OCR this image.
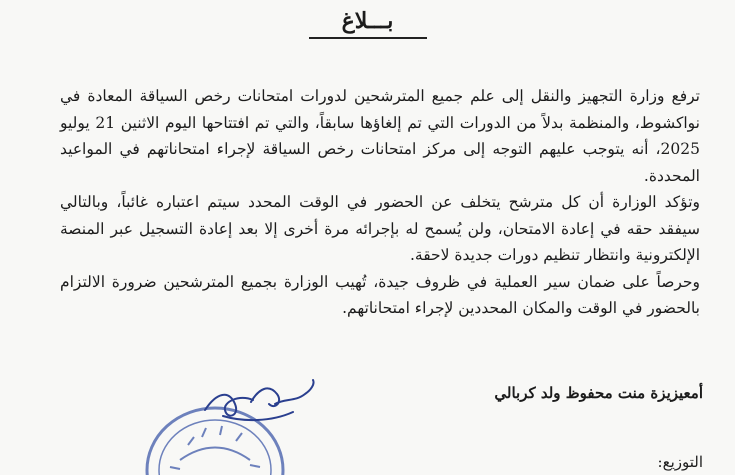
بـــلاغ

ترفع وزارة التجهيز والنقل إلى علم جميع المترشحين لدورات امتحانات رخص السياقة المعادة في نواكشوط، والمنظمة بدلاً من الدورات التي تم إلغاؤها سابقاً، والتي تم افتتاحها اليوم الاثنين 21 يوليو 2025، أنه يتوجب عليهم التوجه إلى مركز امتحانات رخص السياقة لإجراء امتحاناتهم في المواعيد المحددة.

وتؤكد الوزارة أن كل مترشح يتخلف عن الحضور في الوقت المحدد سيتم اعتباره غائباً، وبالتالي سيفقد حقه في إعادة الامتحان، ولن يُسمح له بإجرائه مرة أخرى إلا بعد إعادة التسجيل عبر المنصة الإلكترونية وانتظار تنظيم دورات جديدة لاحقة.

وحرصاً على ضمان سير العملية في ظروف جيدة، تُهيب الوزارة بجميع المترشحين ضرورة الالتزام بالحضور في الوقت والمكان المحددين لإجراء امتحاناتهم.

أمعيزيزة منت محفوظ ولد كربالي
التوزيع:
